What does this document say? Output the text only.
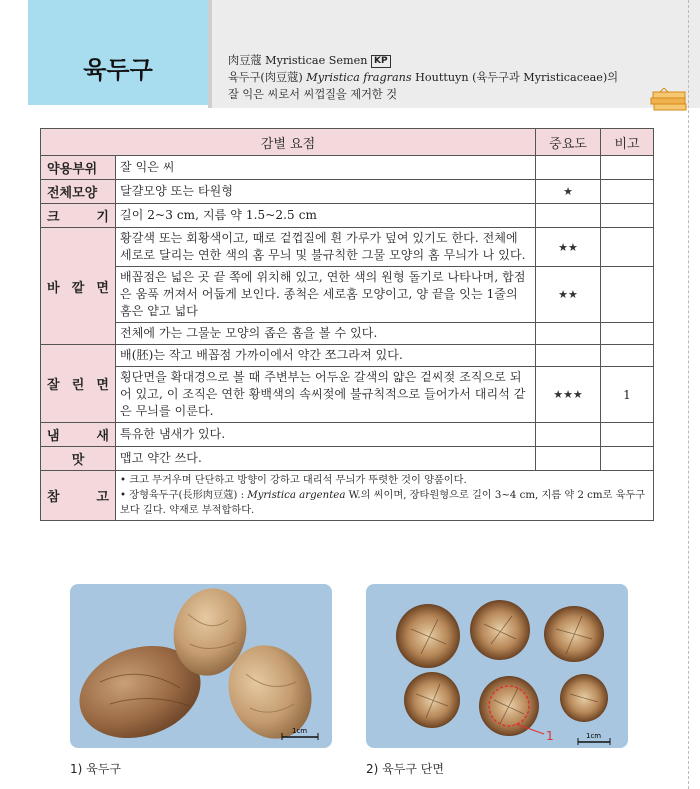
육두구	肉豆蔻 Myristicae Semen KP
육두구(肉豆蔻) Myristica fragrans Houttuyn (육두구과 Myristicaceae)의
잘 익은 씨로서 씨껍질을 제거한 것
감별 요점		중요도	비고
약용부위	잘 익은 씨		
전체모양	달걀모양 또는 타원형	★	
크 기	길이 2~3 cm, 지름 약 1.5~2.5 cm		
바 깥 면	황갈색 또는 회황색이고, 때로 겉껍질에 흰 가루가 덮여 있기도 한다. 전체에 세로로 달리는 연한 색의 홈 무늬 및 불규칙한 그물 모양의 홈 무늬가 나 있다.	★★	
	배꼽점은 넓은 곳 끝 쪽에 위치해 있고, 연한 색의 원형 돌기로 나타나며, 합점은 움푹 꺼져서 어둡게 보인다. 종척은 세로홈 모양이고, 양 끝을 잇는 1줄의 홈은 얕고 넓다	★★	
	전체에 가는 그물눈 모양의 좁은 홈을 볼 수 있다.		
잘 린 면	배(胚)는 작고 배꼽점 가까이에서 약간 쪼그라져 있다.		
	횡단면을 확대경으로 볼 때 주변부는 어두운 갈색의 얇은 겉씨젖 조직으로 되어 있고, 이 조직은 연한 황백색의 속씨젖에 불규칙적으로 들어가서 대리석 같은 무늬를 이룬다.	★★★	1
냄 새	특유한 냄새가 있다.		
맛	맵고 약간 쓰다.		
참 고	• 크고 무거우며 단단하고 방향이 강하고 대리석 무늬가 뚜렷한 것이 양품이다.
• 장형육두구(長形肉豆蔻) : Myristica argentea W.의 씨이며, 장타원형으로 길이 3~4 cm, 지름 약 2 cm로 육두구보다 길다. 약재로 부적합하다.		
1cm
1) 육두구
1	1cm
2) 육두구 단면
